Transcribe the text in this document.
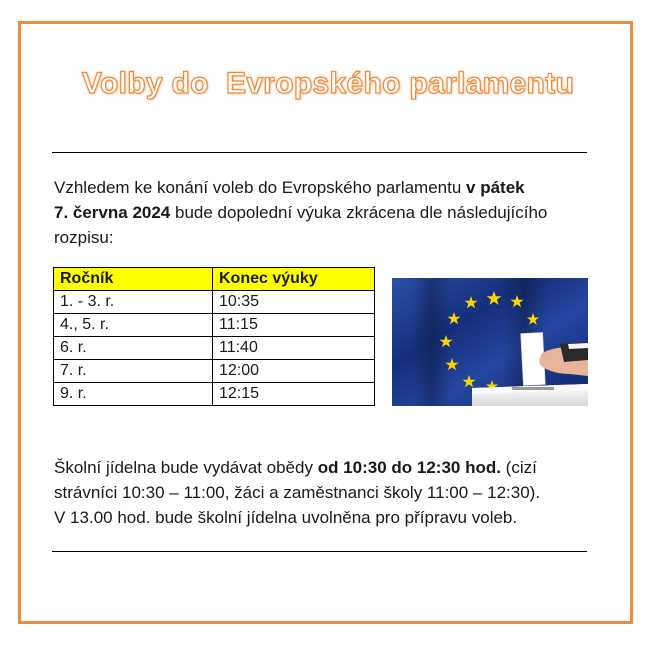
Volby do  Evropského parlamentu
Vzhledem ke konání voleb do Evropského parlamentu v pátek
7. června 2024 bude dopolední výuka zkrácena dle následujícího rozpisu:
Ročník	Konec výuky
1. - 3. r.	10:35
4., 5. r.	11:15
6. r.	11:40
7. r.	12:00
9. r.	12:15
Školní jídelna bude vydávat obědy od 10:30 do 12:30 hod. (cizí strávníci 10:30 – 11:00, žáci a zaměstnanci školy 11:00 – 12:30).
V 13.00 hod. bude školní jídelna uvolněna pro přípravu voleb.
